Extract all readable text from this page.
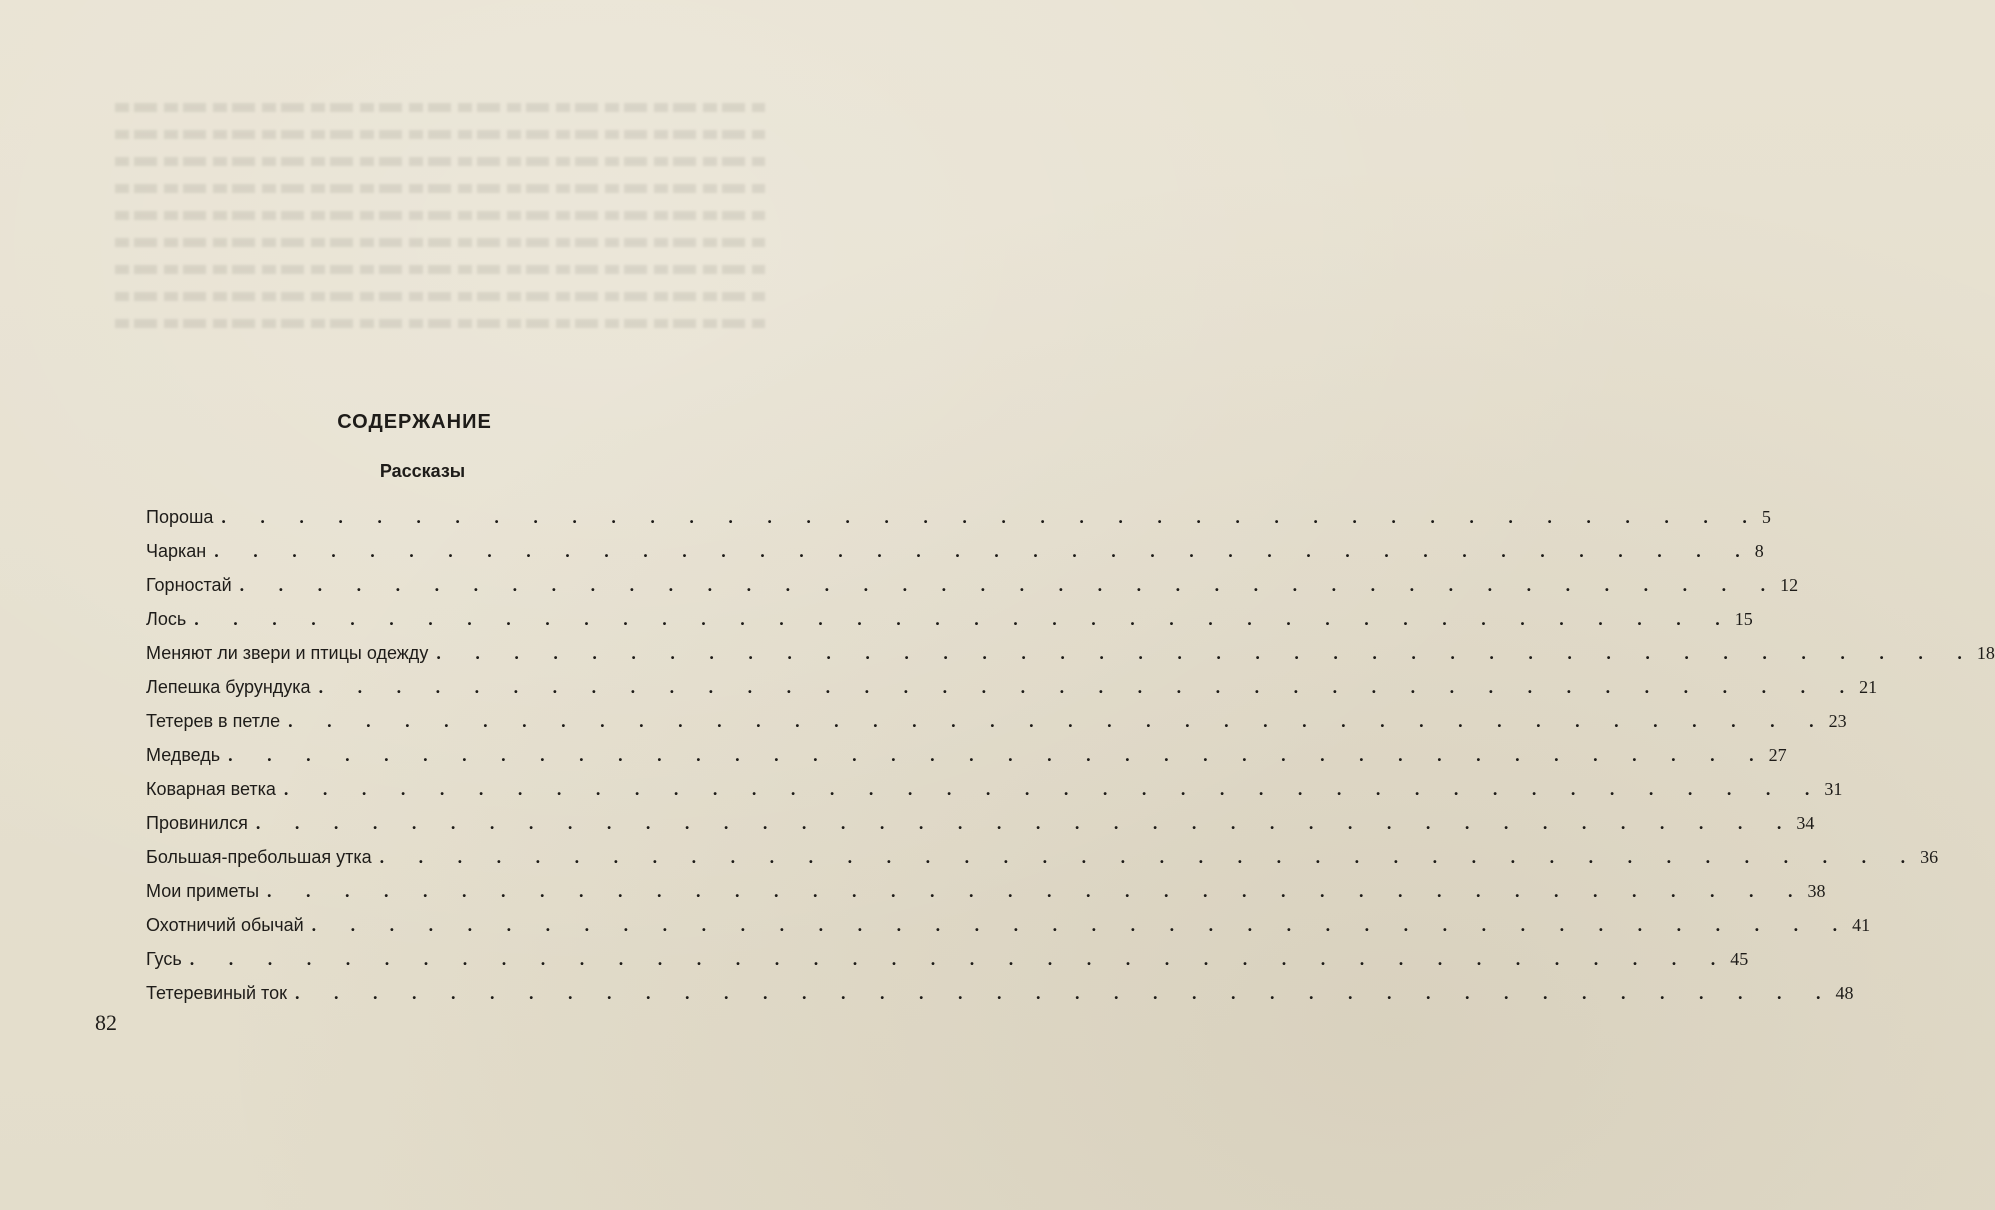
СОДЕРЖАНИЕ
Рассказы
Пороша . . . . . . . . . . . . . . . . . . . . . . . . . . . . . . . . . . . . . . . . 5
Чаркан . . . . . . . . . . . . . . . . . . . . . . . . . . . . . . . . . . . . . . . . 8
Горностай . . . . . . . . . . . . . . . . . . . . . . . . . . . . . . . . . . . . . . . . 12
Лось . . . . . . . . . . . . . . . . . . . . . . . . . . . . . . . . . . . . . . . . 15
Меняют ли звери и птицы одежду . . . . . . . . . . . . . . . . . . . . . . . . . . . . . . . . . . . . . . . . 18
Лепешка бурундука . . . . . . . . . . . . . . . . . . . . . . . . . . . . . . . . . . . . . . . . 21
Тетерев в петле . . . . . . . . . . . . . . . . . . . . . . . . . . . . . . . . . . . . . . . . 23
Медведь . . . . . . . . . . . . . . . . . . . . . . . . . . . . . . . . . . . . . . . . 27
Коварная ветка . . . . . . . . . . . . . . . . . . . . . . . . . . . . . . . . . . . . . . . . 31
Провинился . . . . . . . . . . . . . . . . . . . . . . . . . . . . . . . . . . . . . . . . 34
Большая-пребольшая утка . . . . . . . . . . . . . . . . . . . . . . . . . . . . . . . . . . . . . . . . 36
Мои приметы . . . . . . . . . . . . . . . . . . . . . . . . . . . . . . . . . . . . . . . . 38
Охотничий обычай . . . . . . . . . . . . . . . . . . . . . . . . . . . . . . . . . . . . . . . . 41
Гусь . . . . . . . . . . . . . . . . . . . . . . . . . . . . . . . . . . . . . . . . 45
Тетеревиный ток . . . . . . . . . . . . . . . . . . . . . . . . . . . . . . . . . . . . . . . . 48

82
